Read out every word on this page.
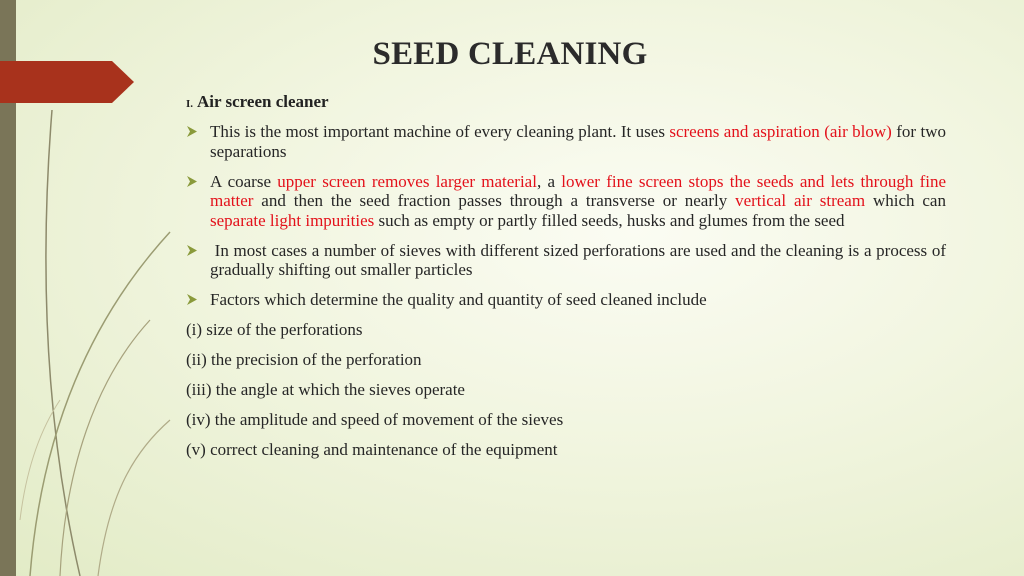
SEED CLEANING
I. Air screen cleaner
This is the most important machine of every cleaning plant. It uses screens and aspiration (air blow) for two separations
A coarse upper screen removes larger material, a lower fine screen stops the seeds and lets through fine matter and then the seed fraction passes through a transverse or nearly vertical air stream which can separate light impurities such as empty or partly filled seeds, husks and glumes from the seed
In most cases a number of sieves with different sized perforations are used and the cleaning is a process of gradually shifting out smaller particles
Factors which determine the quality and quantity of seed cleaned include
(i) size of the perforations
(ii) the precision of the perforation
(iii) the angle at which the sieves operate
(iv) the amplitude and speed of movement of the sieves
(v) correct cleaning and maintenance of the equipment
